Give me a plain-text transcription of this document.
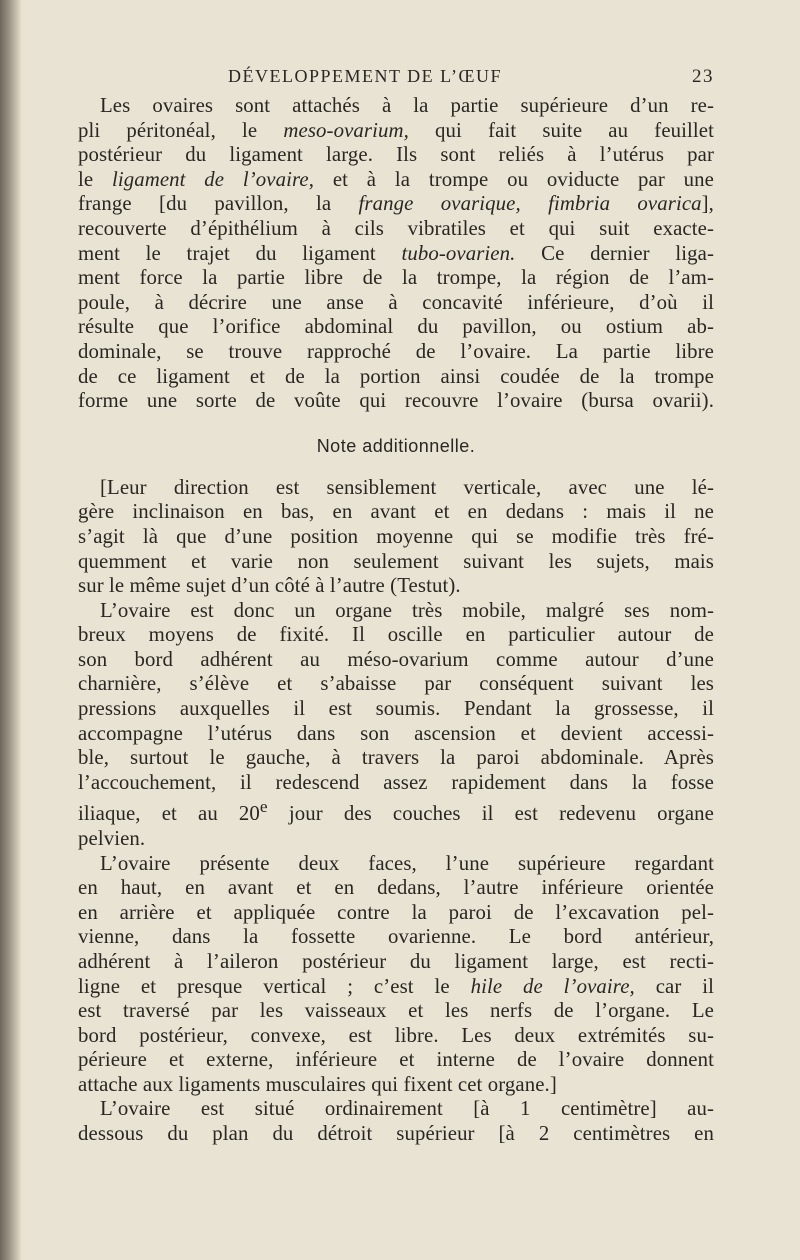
DÉVELOPPEMENT DE L’ŒUF	23

Les ovaires sont attachés à la partie supérieure d’un re-

pli péritonéal, le meso-ovarium, qui fait suite au feuillet

postérieur du ligament large. Ils sont reliés à l’utérus par

le ligament de l’ovaire, et à la trompe ou oviducte par une

frange [du pavillon, la frange ovarique, fimbria ovarica],

recouverte d’épithélium à cils vibratiles et qui suit exacte-

ment le trajet du ligament tubo-ovarien. Ce dernier liga-

ment force la partie libre de la trompe, la région de l’am-

poule, à décrire une anse à concavité inférieure, d’où il

résulte que l’orifice abdominal du pavillon, ou ostium ab-

dominale, se trouve rapproché de l’ovaire. La partie libre

de ce ligament et de la portion ainsi coudée de la trompe

forme une sorte de voûte qui recouvre l’ovaire (bursa ovarii).

Note additionnelle.

[Leur direction est sensiblement verticale, avec une lé-

gère inclinaison en bas, en avant et en dedans : mais il ne

s’agit là que d’une position moyenne qui se modifie très fré-

quemment et varie non seulement suivant les sujets, mais

sur le même sujet d’un côté à l’autre (Testut).

L’ovaire est donc un organe très mobile, malgré ses nom-

breux moyens de fixité. Il oscille en particulier autour de

son bord adhérent au méso-ovarium comme autour d’une

charnière, s’élève et s’abaisse par conséquent suivant les

pressions auxquelles il est soumis. Pendant la grossesse, il

accompagne l’utérus dans son ascension et devient accessi-

ble, surtout le gauche, à travers la paroi abdominale. Après

l’accouchement, il redescend assez rapidement dans la fosse

iliaque, et au 20e jour des couches il est redevenu organe

pelvien.

L’ovaire présente deux faces, l’une supérieure regardant

en haut, en avant et en dedans, l’autre inférieure orientée

en arrière et appliquée contre la paroi de l’excavation pel-

vienne, dans la fossette ovarienne. Le bord antérieur,

adhérent à l’aileron postérieur du ligament large, est recti-

ligne et presque vertical ; c’est le hile de l’ovaire, car il

est traversé par les vaisseaux et les nerfs de l’organe. Le

bord postérieur, convexe, est libre. Les deux extrémités su-

périeure et externe, inférieure et interne de l’ovaire donnent

attache aux ligaments musculaires qui fixent cet organe.]

L’ovaire est situé ordinairement [à 1 centimètre] au-

dessous du plan du détroit supérieur [à 2 centimètres en
